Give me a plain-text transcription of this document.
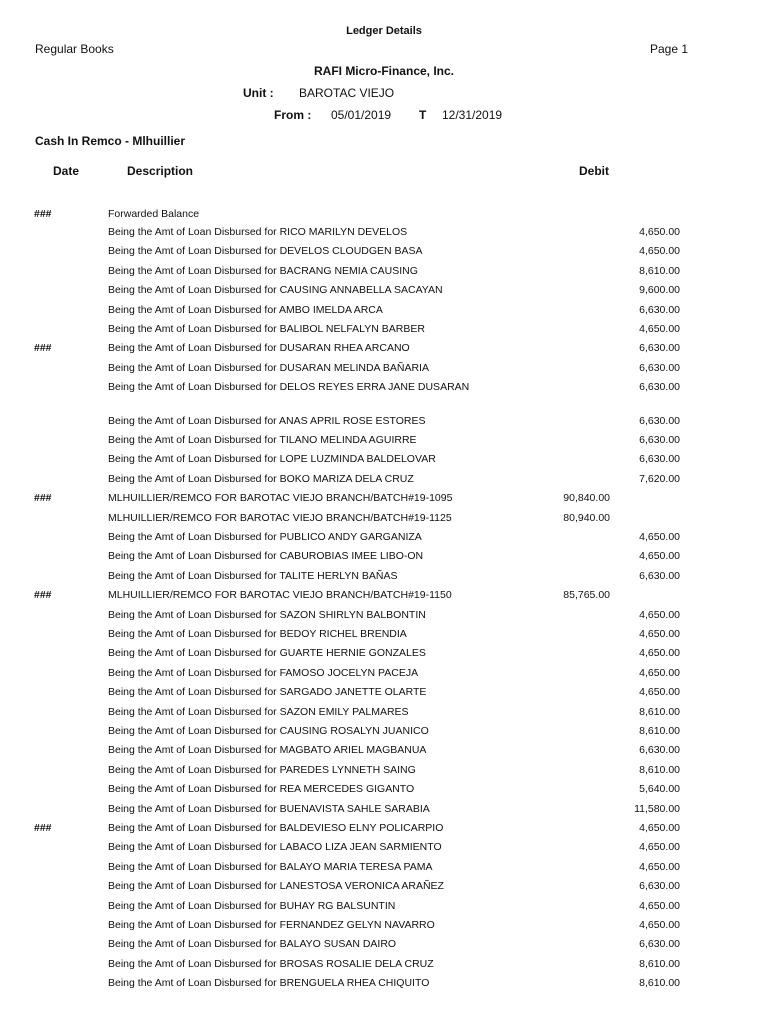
Ledger Details
Regular Books	Page 1
RAFI Micro-Finance, Inc.
Unit : BAROTAC VIEJO
From : 05/01/2019 T 12/31/2019
Cash In Remco - Mlhuillier
Date	Description	Debit
###	Forwarded Balance
Being the Amt of Loan Disbursed for RICO MARILYN DEVELOS	4,650.00
Being the Amt of Loan Disbursed for DEVELOS CLOUDGEN BASA	4,650.00
Being the Amt of Loan Disbursed for BACRANG NEMIA CAUSING	8,610.00
Being the Amt of Loan Disbursed for CAUSING ANNABELLA SACAYAN	9,600.00
Being the Amt of Loan Disbursed for AMBO IMELDA ARCA	6,630.00
Being the Amt of Loan Disbursed for BALIBOL NELFALYN BARBER	4,650.00
###	Being the Amt of Loan Disbursed for DUSARAN RHEA ARCANO	6,630.00
Being the Amt of Loan Disbursed for DUSARAN MELINDA BAÑARIA	6,630.00
Being the Amt of Loan Disbursed for DELOS REYES ERRA JANE DUSARAN	6,630.00
Being the Amt of Loan Disbursed for ANAS APRIL ROSE ESTORES	6,630.00
Being the Amt of Loan Disbursed for TILANO MELINDA AGUIRRE	6,630.00
Being the Amt of Loan Disbursed for LOPE LUZMINDA BALDELOVAR	6,630.00
Being the Amt of Loan Disbursed for BOKO MARIZA DELA CRUZ	7,620.00
###	MLHUILLIER/REMCO FOR BAROTAC VIEJO BRANCH/BATCH#19-1095	90,840.00
MLHUILLIER/REMCO FOR BAROTAC VIEJO BRANCH/BATCH#19-1125	80,940.00
Being the Amt of Loan Disbursed for PUBLICO ANDY GARGANIZA	4,650.00
Being the Amt of Loan Disbursed for CABUROBIAS IMEE LIBO-ON	4,650.00
Being the Amt of Loan Disbursed for TALITE HERLYN BAÑAS	6,630.00
###	MLHUILLIER/REMCO FOR BAROTAC VIEJO BRANCH/BATCH#19-1150	85,765.00
Being the Amt of Loan Disbursed for SAZON SHIRLYN BALBONTIN	4,650.00
Being the Amt of Loan Disbursed for BEDOY RICHEL BRENDIA	4,650.00
Being the Amt of Loan Disbursed for GUARTE HERNIE GONZALES	4,650.00
Being the Amt of Loan Disbursed for FAMOSO JOCELYN PACEJA	4,650.00
Being the Amt of Loan Disbursed for SARGADO JANETTE OLARTE	4,650.00
Being the Amt of Loan Disbursed for SAZON EMILY PALMARES	8,610.00
Being the Amt of Loan Disbursed for CAUSING ROSALYN JUANICO	8,610.00
Being the Amt of Loan Disbursed for MAGBATO ARIEL MAGBANUA	6,630.00
Being the Amt of Loan Disbursed for PAREDES LYNNETH SAING	8,610.00
Being the Amt of Loan Disbursed for REA MERCEDES GIGANTO	5,640.00
Being the Amt of Loan Disbursed for BUENAVISTA SAHLE SARABIA	11,580.00
###	Being the Amt of Loan Disbursed for BALDEVIESO ELNY POLICARPIO	4,650.00
Being the Amt of Loan Disbursed for LABACO LIZA JEAN SARMIENTO	4,650.00
Being the Amt of Loan Disbursed for BALAYO MARIA TERESA PAMA	4,650.00
Being the Amt of Loan Disbursed for LANESTOSA VERONICA ARAÑEZ	6,630.00
Being the Amt of Loan Disbursed for BUHAY RG BALSUNTIN	4,650.00
Being the Amt of Loan Disbursed for FERNANDEZ GELYN NAVARRO	4,650.00
Being the Amt of Loan Disbursed for BALAYO SUSAN DAIRO	6,630.00
Being the Amt of Loan Disbursed for BROSAS ROSALIE DELA CRUZ	8,610.00
Being the Amt of Loan Disbursed for BRENGUELA RHEA CHIQUITO	8,610.00
